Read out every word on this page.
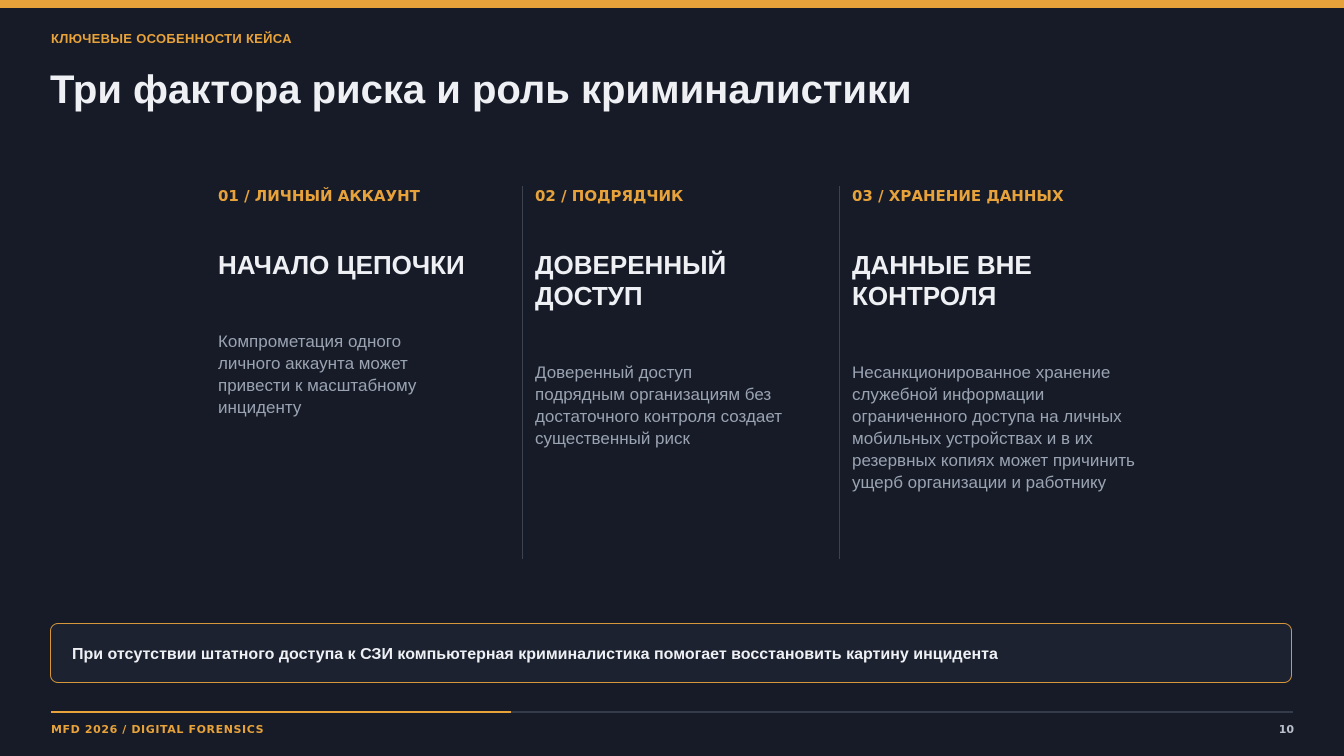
КЛЮЧЕВЫЕ ОСОБЕННОСТИ КЕЙСА
Три фактора риска и роль криминалистики
01 / ЛИЧНЫЙ АККАУНТ
НАЧАЛО ЦЕПОЧКИ
Компрометация одного личного аккаунта может привести к масштабному инциденту
02 / ПОДРЯДЧИК
ДОВЕРЕННЫЙ ДОСТУП
Доверенный доступ подрядным организациям без достаточного контроля создает существенный риск
03 / ХРАНЕНИЕ ДАННЫХ
ДАННЫЕ ВНЕ КОНТРОЛЯ
Несанкционированное хранение служебной информации ограниченного доступа на личных мобильных устройствах и в их резервных копиях может причинить ущерб организации и работнику
При отсутствии штатного доступа к СЗИ компьютерная криминалистика помогает восстановить картину инцидента
MFD 2026 / DIGITAL FORENSICS	10
